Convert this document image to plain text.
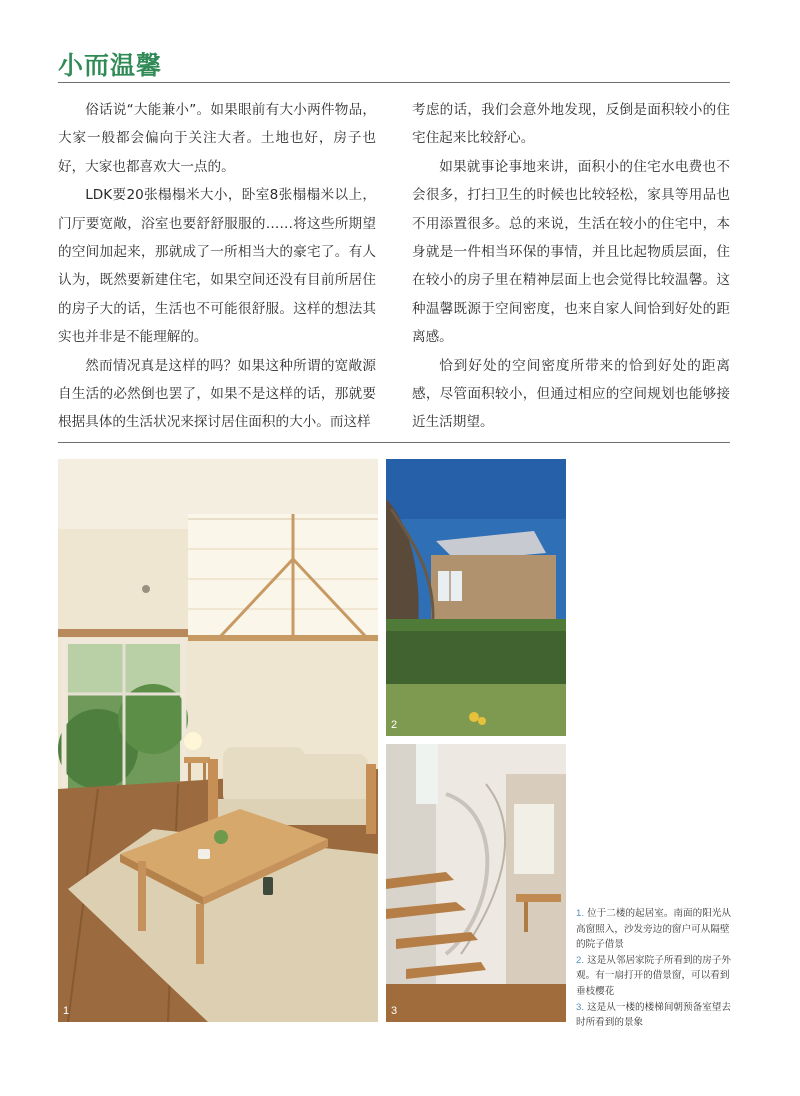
小而温馨

俗话说“大能兼小”。如果眼前有大小两件物品，大家一般都会偏向于关注大者。土地也好，房子也好，大家也都喜欢大一点的。

LDK要20张榻榻米大小，卧室8张榻榻米以上，门厅要宽敞，浴室也要舒舒服服的……将这些所期望的空间加起来，那就成了一所相当大的豪宅了。有人认为，既然要新建住宅，如果空间还没有目前所居住的房子大的话，生活也不可能很舒服。这样的想法其实也并非是不能理解的。

然而情况真是这样的吗？如果这种所谓的宽敞源自生活的必然倒也罢了，如果不是这样的话，那就要根据具体的生活状况来探讨居住面积的大小。而这样

考虑的话，我们会意外地发现，反倒是面积较小的住宅住起来比较舒心。

如果就事论事地来讲，面积小的住宅水电费也不会很多，打扫卫生的时候也比较轻松，家具等用品也不用添置很多。总的来说，生活在较小的住宅中，本身就是一件相当环保的事情，并且比起物质层面，住在较小的房子里在精神层面上也会觉得比较温馨。这种温馨既源于空间密度，也来自家人间恰到好处的距离感。

恰到好处的空间密度所带来的恰到好处的距离感，尽管面积较小，但通过相应的空间规划也能够接近生活期望。

1
2
3

1. 位于二楼的起居室。南面的阳光从高窗照入，沙发旁边的窗户可从隔壁的院子借景

2. 这是从邻居家院子所看到的房子外观。有一扇打开的借景窗，可以看到垂枝樱花

3. 这是从一楼的楼梯间朝预备室望去时所看到的景象
